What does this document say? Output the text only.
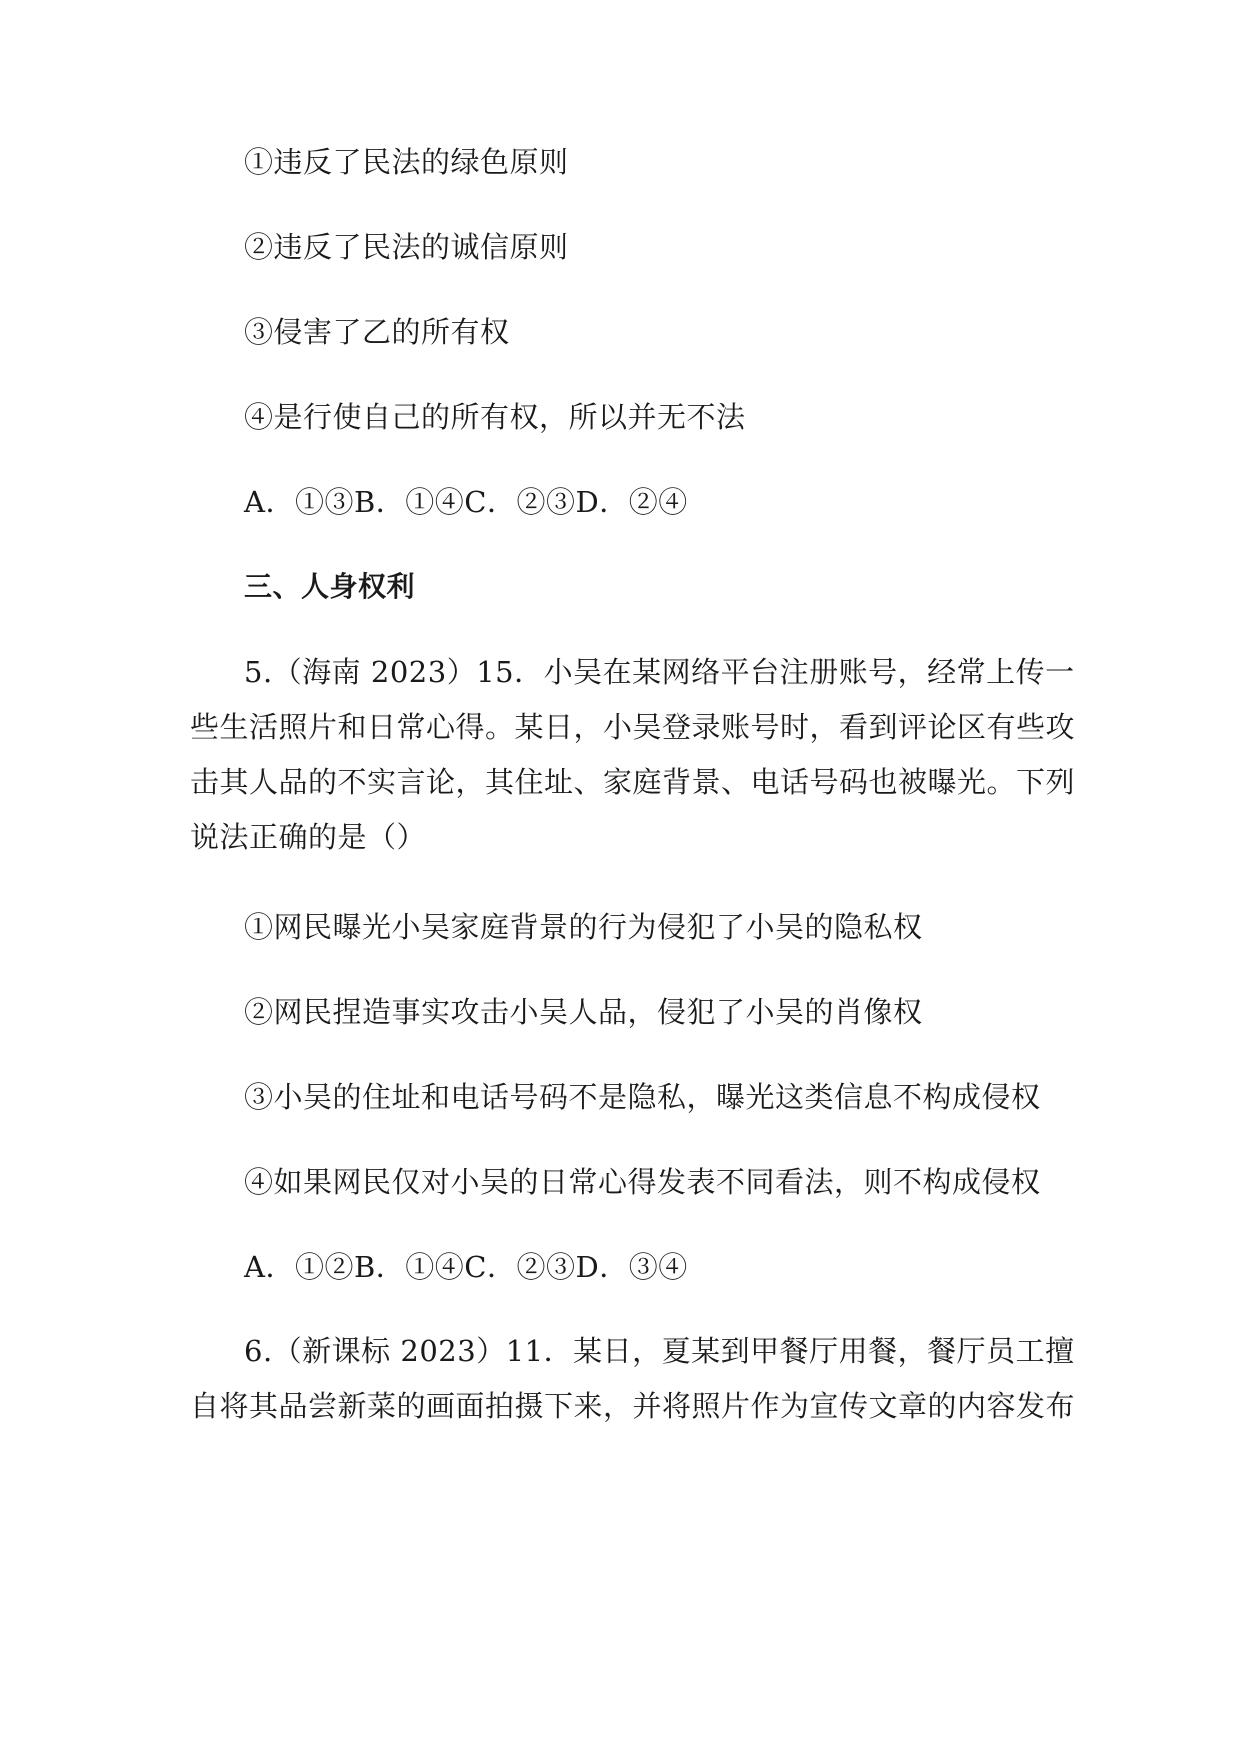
①违反了民法的绿色原则
②违反了民法的诚信原则
③侵害了乙的所有权
④是行使自己的所有权，所以并无不法
A．①③B．①④C．②③D．②④
三、人身权利
5.（海南 2023）15．小吴在某网络平台注册账号，经常上传一
些生活照片和日常心得。某日，小吴登录账号时，看到评论区有些攻
击其人品的不实言论，其住址、家庭背景、电话号码也被曝光。下列
说法正确的是（）
①网民曝光小吴家庭背景的行为侵犯了小吴的隐私权
②网民捏造事实攻击小吴人品，侵犯了小吴的肖像权
③小吴的住址和电话号码不是隐私，曝光这类信息不构成侵权
④如果网民仅对小吴的日常心得发表不同看法，则不构成侵权
A．①②B．①④C．②③D．③④
6.（新课标 2023）11．某日，夏某到甲餐厅用餐，餐厅员工擅
自将其品尝新菜的画面拍摄下来，并将照片作为宣传文章的内容发布
